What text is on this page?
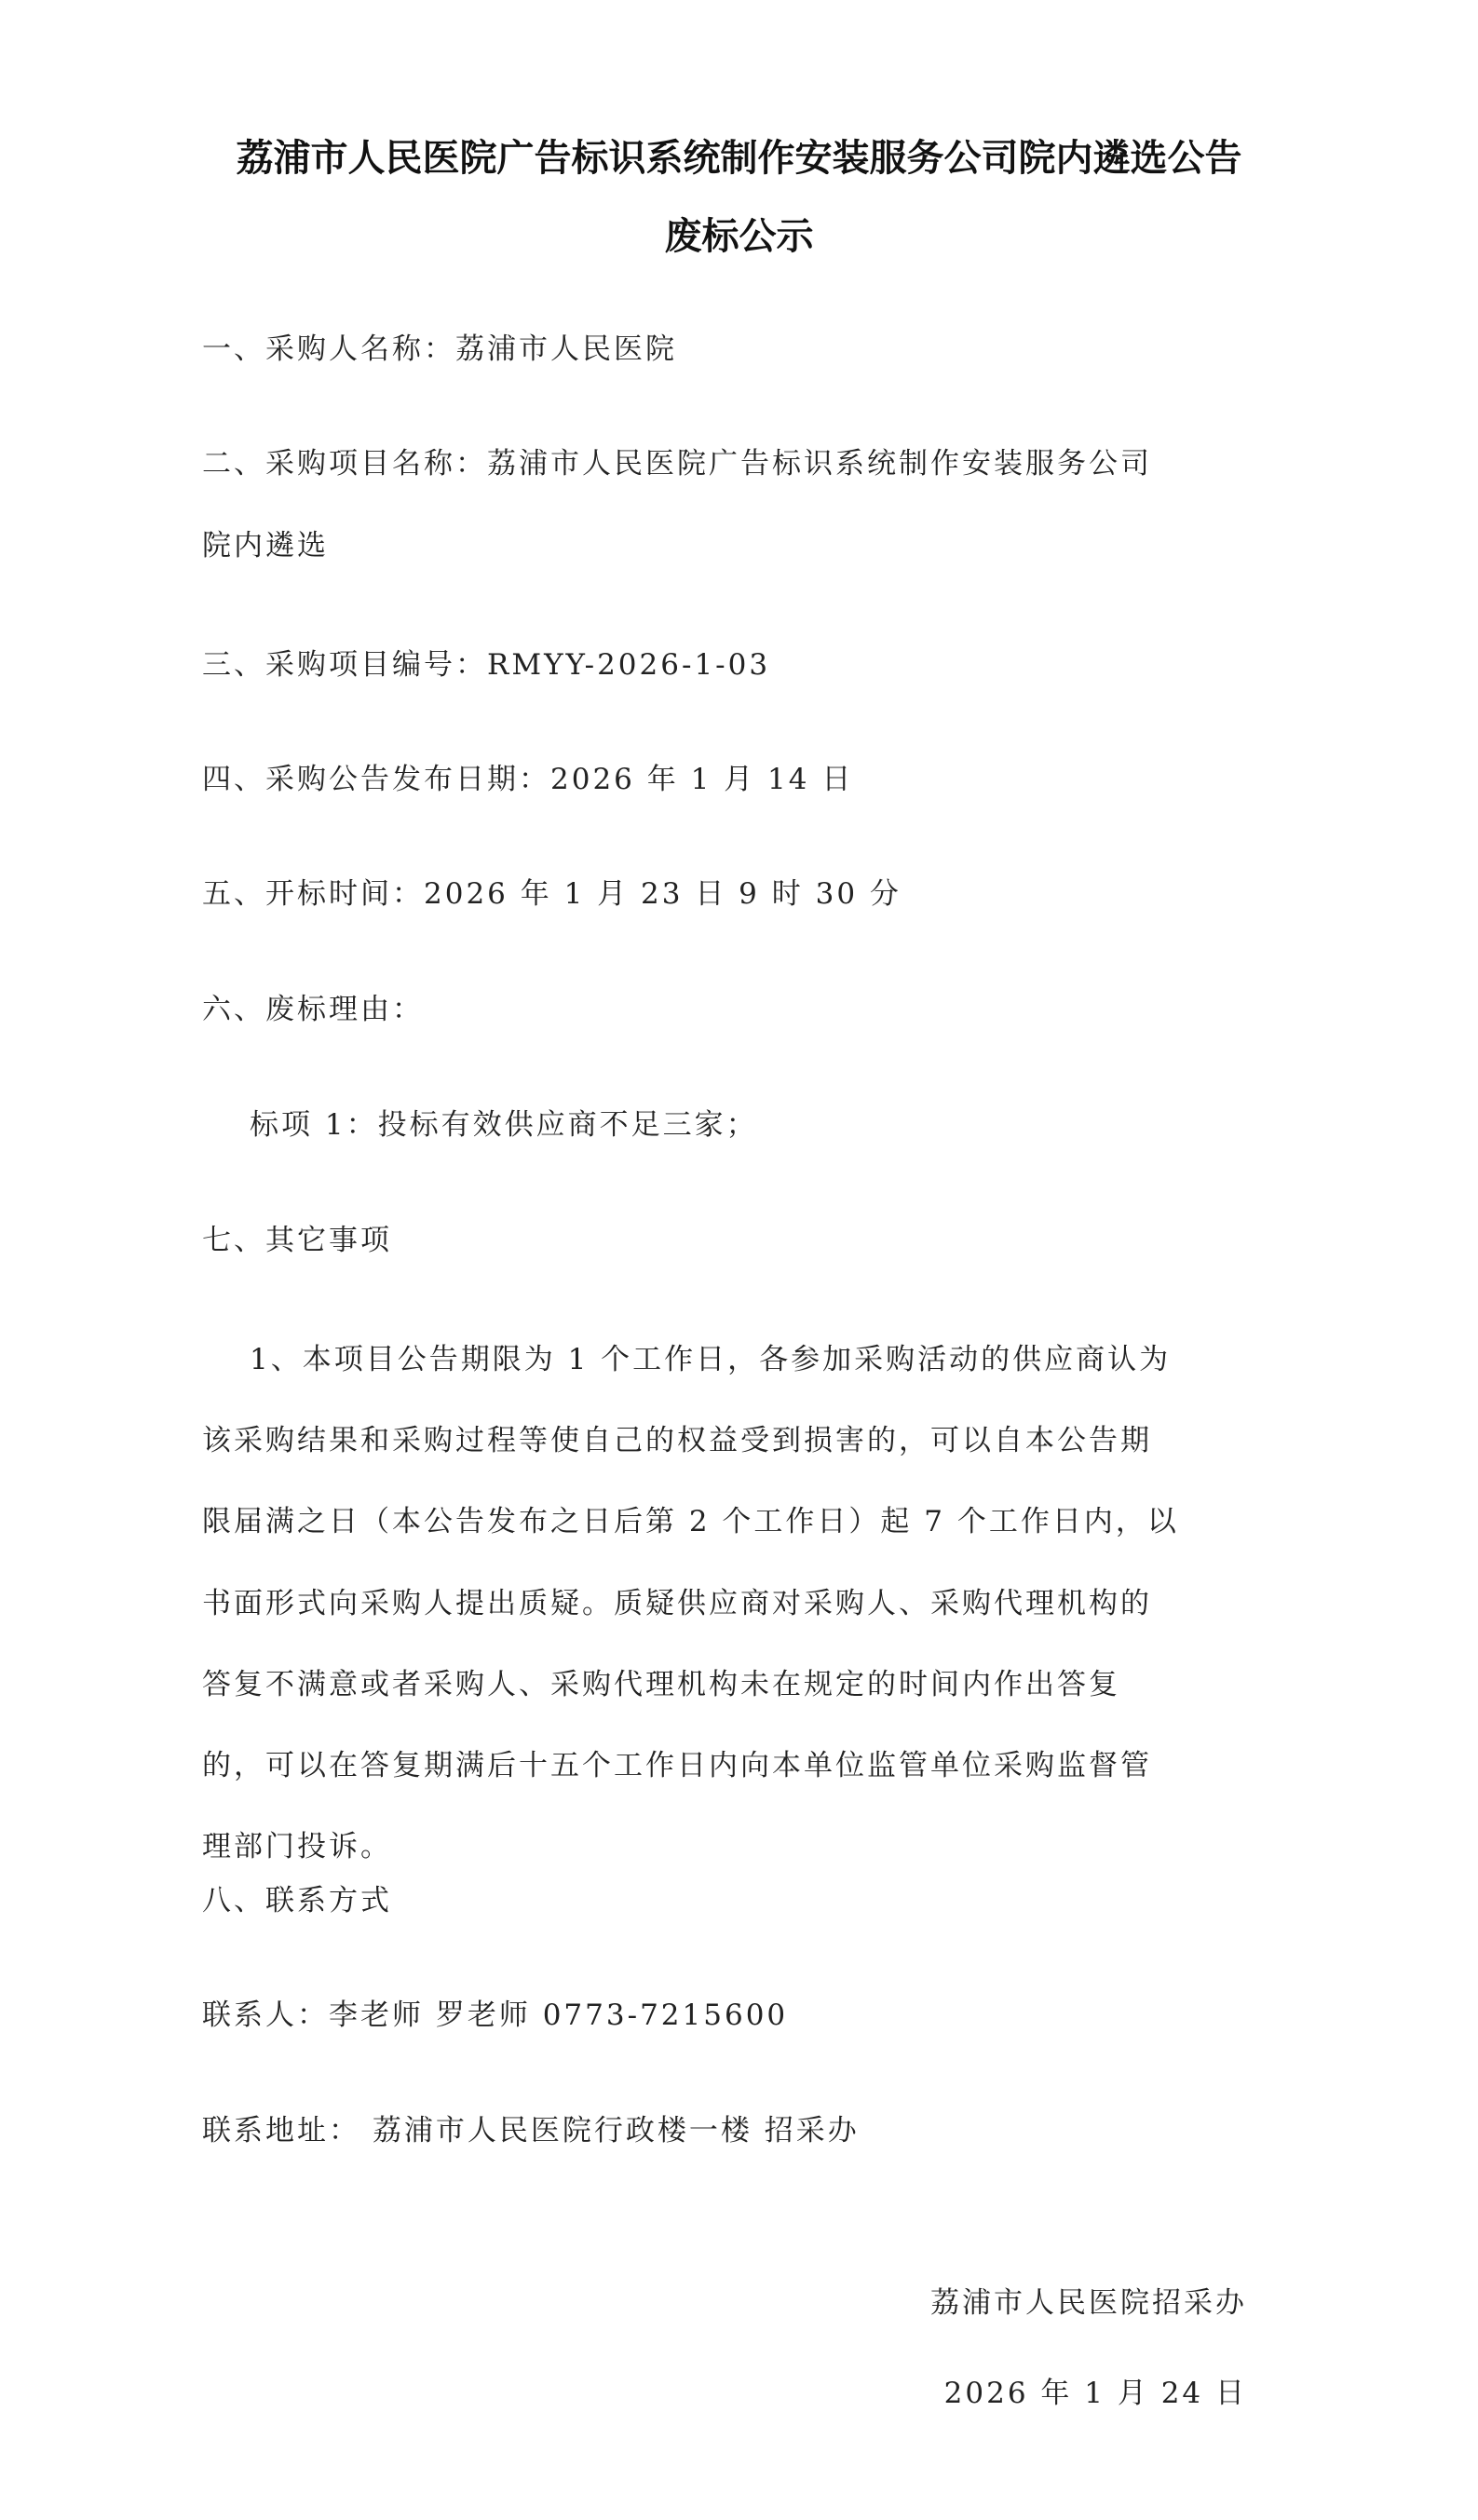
荔浦市人民医院广告标识系统制作安装服务公司院内遴选公告
废标公示
一、采购人名称：荔浦市人民医院
二、采购项目名称：荔浦市人民医院广告标识系统制作安装服务公司
院内遴选
三、采购项目编号：RMYY-2026-1-03
四、采购公告发布日期：2026 年 1 月 14 日
五、开标时间：2026 年 1 月 23 日 9 时 30 分
六、废标理由：
标项 1：投标有效供应商不足三家；
七、其它事项
1、本项目公告期限为 1 个工作日，各参加采购活动的供应商认为
该采购结果和采购过程等使自己的权益受到损害的，可以自本公告期
限届满之日（本公告发布之日后第 2 个工作日）起 7 个工作日内，以
书面形式向采购人提出质疑。质疑供应商对采购人、采购代理机构的
答复不满意或者采购人、采购代理机构未在规定的时间内作出答复
的，可以在答复期满后十五个工作日内向本单位监管单位采购监督管
理部门投诉。
八、联系方式
联系人：李老师 罗老师 0773-7215600
联系地址： 荔浦市人民医院行政楼一楼 招采办
荔浦市人民医院招采办
2026 年 1 月 24 日
